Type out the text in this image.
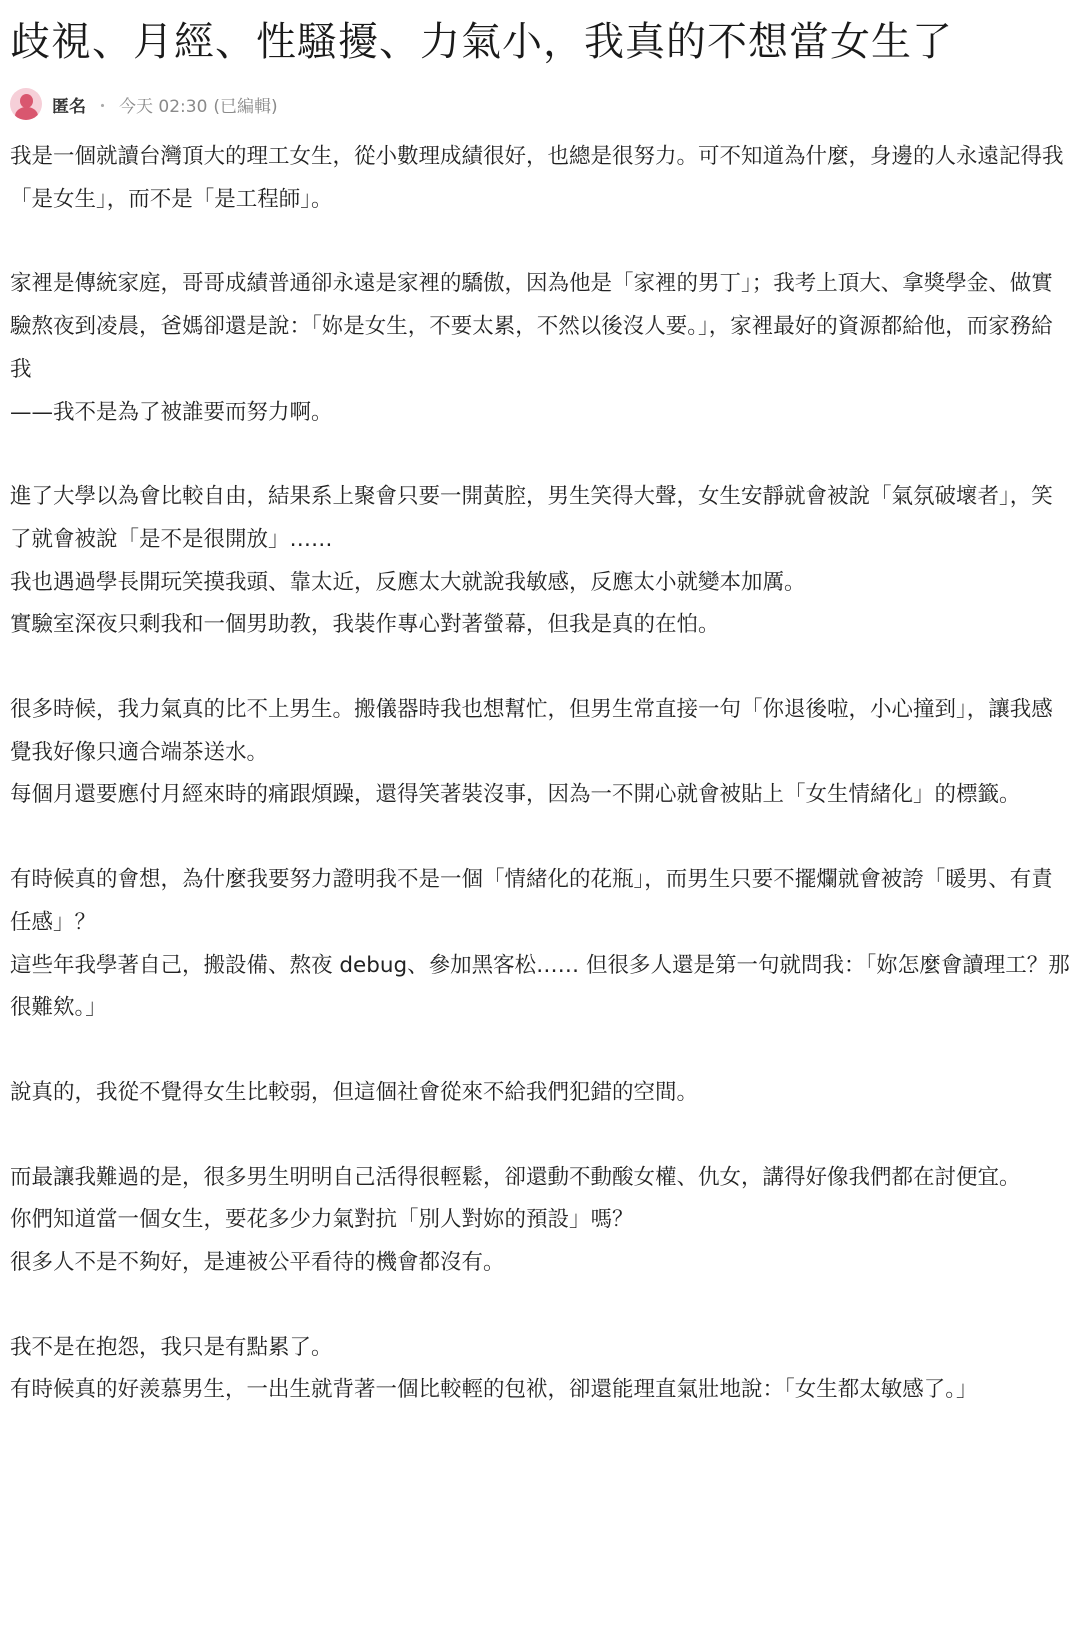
歧視、月經、性騷擾、力氣小，我真的不想當女生了
匿名 ・ 今天 02:30 (已編輯)

我是一個就讀台灣頂大的理工女生，從小數理成績很好，也總是很努力。可不知道為什麼，身邊的人永遠記得我「是女生」，而不是「是工程師」。

家裡是傳統家庭，哥哥成績普通卻永遠是家裡的驕傲，因為他是「家裡的男丁」；我考上頂大、拿獎學金、做實驗熬夜到凌晨，爸媽卻還是說：「妳是女生，不要太累，不然以後沒人要。」，家裡最好的資源都給他，而家務給我
——我不是為了被誰要而努力啊。

進了大學以為會比較自由，結果系上聚會只要一開黃腔，男生笑得大聲，女生安靜就會被說「氣氛破壞者」，笑了就會被說「是不是很開放」……
我也遇過學長開玩笑摸我頭、靠太近，反應太大就說我敏感，反應太小就變本加厲。
實驗室深夜只剩我和一個男助教，我裝作專心對著螢幕，但我是真的在怕。

很多時候，我力氣真的比不上男生。搬儀器時我也想幫忙，但男生常直接一句「你退後啦，小心撞到」，讓我感覺我好像只適合端茶送水。
每個月還要應付月經來時的痛跟煩躁，還得笑著裝沒事，因為一不開心就會被貼上「女生情緒化」的標籤。

有時候真的會想，為什麼我要努力證明我不是一個「情緒化的花瓶」，而男生只要不擺爛就會被誇「暖男、有責任感」？
這些年我學著自己，搬設備、熬夜 debug、參加黑客松…… 但很多人還是第一句就問我：「妳怎麼會讀理工？那很難欸。」

說真的，我從不覺得女生比較弱，但這個社會從來不給我們犯錯的空間。

而最讓我難過的是，很多男生明明自己活得很輕鬆，卻還動不動酸女權、仇女，講得好像我們都在討便宜。
你們知道當一個女生，要花多少力氣對抗「別人對妳的預設」嗎？
很多人不是不夠好，是連被公平看待的機會都沒有。

我不是在抱怨，我只是有點累了。
有時候真的好羨慕男生，一出生就背著一個比較輕的包袱，卻還能理直氣壯地說：「女生都太敏感了。」
